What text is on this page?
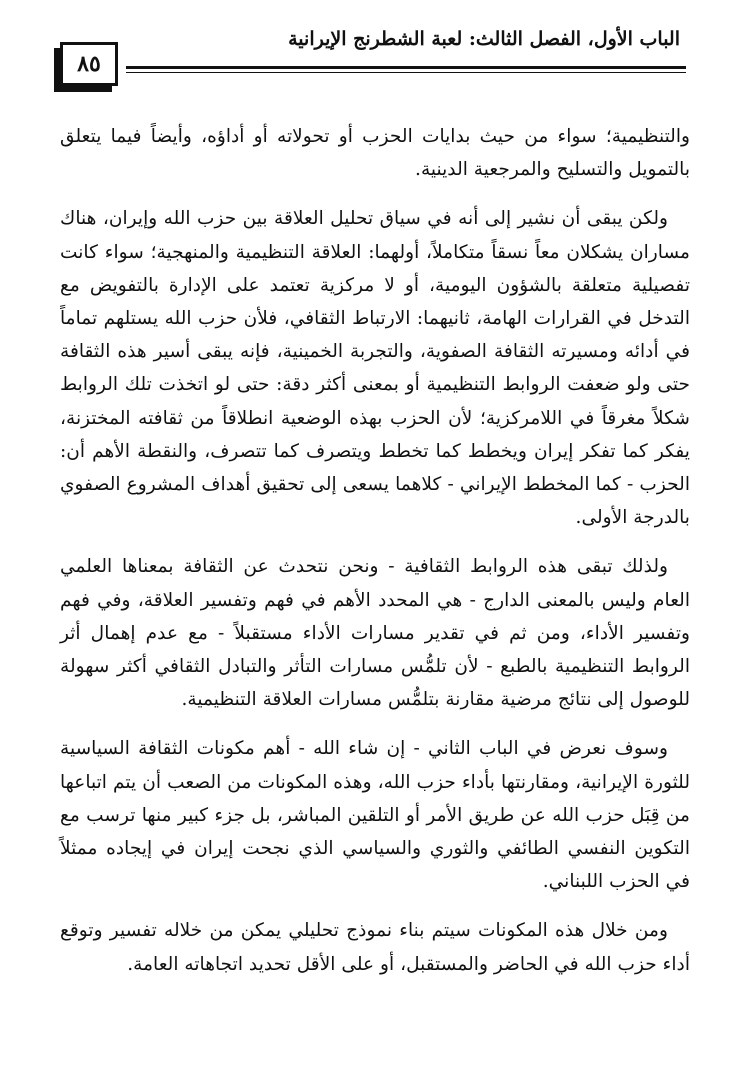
الباب الأول، الفصل الثالث: لعبة الشطرنج الإيرانية
٨٥

والتنظيمية؛ سواء من حيث بدايات الحزب أو تحولاته أو أداؤه، وأيضاً فيما يتعلق بالتمويل والتسليح والمرجعية الدينية.

ولكن يبقى أن نشير إلى أنه في سياق تحليل العلاقة بين حزب الله وإيران، هناك مساران يشكلان معاً نسقاً متكاملاً، أولهما: العلاقة التنظيمية والمنهجية؛ سواء كانت تفصيلية متعلقة بالشؤون اليومية، أو لا مركزية تعتمد على الإدارة بالتفويض مع التدخل في القرارات الهامة، ثانيهما: الارتباط الثقافي، فلأن حزب الله يستلهم تماماً في أدائه ومسيرته الثقافة الصفوية، والتجربة الخمينية، فإنه يبقى أسير هذه الثقافة حتى ولو ضعفت الروابط التنظيمية أو بمعنى أكثر دقة: حتى لو اتخذت تلك الروابط شكلاً مغرقاً في اللامركزية؛ لأن الحزب بهذه الوضعية انطلاقاً من ثقافته المختزنة، يفكر كما تفكر إيران ويخطط كما تخطط ويتصرف كما تتصرف، والنقطة الأهم أن: الحزب - كما المخطط الإيراني - كلاهما يسعى إلى تحقيق أهداف المشروع الصفوي بالدرجة الأولى.

ولذلك تبقى هذه الروابط الثقافية - ونحن نتحدث عن الثقافة بمعناها العلمي العام وليس بالمعنى الدارج - هي المحدد الأهم في فهم وتفسير العلاقة، وفي فهم وتفسير الأداء، ومن ثم في تقدير مسارات الأداء مستقبلاً - مع عدم إهمال أثر الروابط التنظيمية بالطبع - لأن تلمُّس مسارات التأثر والتبادل الثقافي أكثر سهولة للوصول إلى نتائج مرضية مقارنة بتلمُّس مسارات العلاقة التنظيمية.

وسوف نعرض في الباب الثاني - إن شاء الله - أهم مكونات الثقافة السياسية للثورة الإيرانية، ومقارنتها بأداء حزب الله، وهذه المكونات من الصعب أن يتم اتباعها من قِبَل حزب الله عن طريق الأمر أو التلقين المباشر، بل جزء كبير منها ترسب مع التكوين النفسي الطائفي والثوري والسياسي الذي نجحت إيران في إيجاده ممثلاً في الحزب اللبناني.

ومن خلال هذه المكونات سيتم بناء نموذج تحليلي يمكن من خلاله تفسير وتوقع أداء حزب الله في الحاضر والمستقبل، أو على الأقل تحديد اتجاهاته العامة.
